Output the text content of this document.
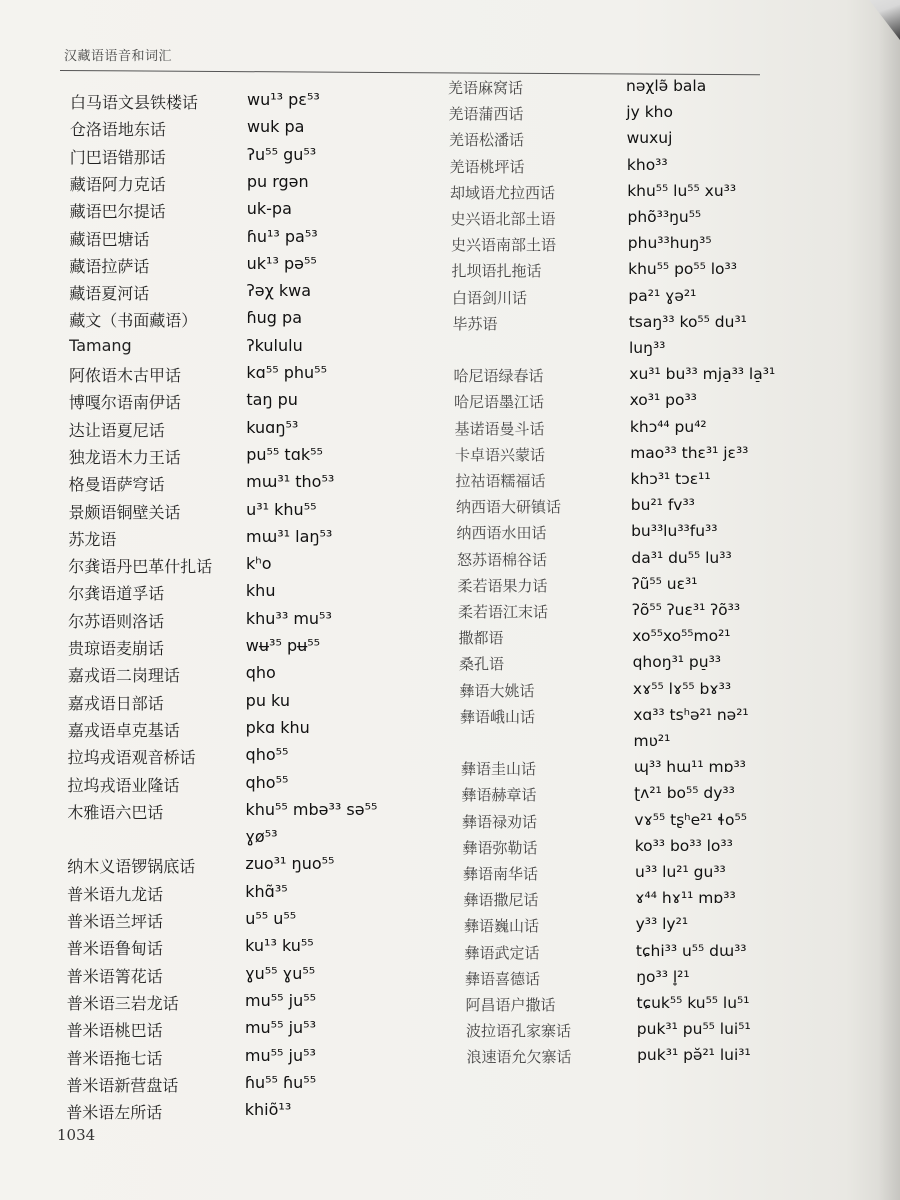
汉藏语语音和词汇
白马语文县铁楼话	wu¹³ pɛ⁵³
仓洛语地东话	wuk pa
门巴语错那话	ʔu⁵⁵ gu⁵³
藏语阿力克话	pu rgən
藏语巴尔提话	uk-pa
藏语巴塘话	ɦu¹³ pa⁵³
藏语拉萨话	uk¹³ pə⁵⁵
藏语夏河话	ʔəχ kwa
藏文（书面藏语）	ɦug pa
Tamang	ʔkululu
阿侬语木古甲话	kɑ⁵⁵ phu⁵⁵
博嘎尔语南伊话	taŋ pu
达让语夏尼话	kuɑŋ⁵³
独龙语木力王话	pu⁵⁵ tɑk⁵⁵
格曼语萨穹话	mɯ³¹ tho⁵³
景颇语铜壁关话	u³¹ khu⁵⁵
苏龙语	mɯ³¹ laŋ⁵³
尔龚语丹巴革什扎话 kʰo
尔龚语道孚话	khu
尔苏语则洛话	khu³³ mu⁵³
贵琼语麦崩话	wʉ³⁵ pʉ⁵⁵
嘉戎语二岗理话	qho
嘉戎语日部话	pu ku
嘉戎语卓克基话	pkɑ khu
拉坞戎语观音桥话	qho⁵⁵
拉坞戎语业隆话	qho⁵⁵
木雅语六巴话	khu⁵⁵ mbə³³ sə⁵⁵
ɣø⁵³
纳木义语锣锅底话	zuo³¹ ŋuo⁵⁵
普米语九龙话	khɑ̃³⁵
普米语兰坪话	u⁵⁵ u⁵⁵
普米语鲁甸话	ku¹³ ku⁵⁵
普米语箐花话	ɣu⁵⁵ ɣu⁵⁵
普米语三岩龙话	mu⁵⁵ ju⁵⁵
普米语桃巴话	mu⁵⁵ ju⁵³
普米语拖七话	mu⁵⁵ ju⁵³
普米语新营盘话	ɦu⁵⁵ ɦu⁵⁵
普米语左所话	khiõ¹³
羌语麻窝话	nəχlə̃ bala
羌语蒲西话	jy kho
羌语松潘话	wuxuj
羌语桃坪话	kho³³
却域语尤拉西话	khu⁵⁵ lu⁵⁵ xu³³
史兴语北部土语	phõ³³ŋu⁵⁵
史兴语南部土语	phu³³huŋ³⁵
扎坝语扎拖话	khu⁵⁵ po⁵⁵ lo³³
白语剑川话	pa²¹ ɣə²¹
毕苏语	tsaŋ³³ ko⁵⁵ du³¹
luŋ³³
哈尼语绿春话	xu³¹ bu³³ mja̠³³ la̠³¹
哈尼语墨江话	xo³¹ po³³
基诺语曼斗话	khɔ⁴⁴ pu⁴²
卡卓语兴蒙话	mao³³ thɛ³¹ jɛ³³
拉祜语糯福话	khɔ³¹ tɔɛ¹¹
纳西语大研镇话	bu²¹ fv³³
纳西语水田话	bu³³lu³³fu³³
怒苏语棉谷话	da³¹ du⁵⁵ lu³³
柔若语果力话	ʔũ⁵⁵ uɛ³¹
柔若语江末话	ʔõ⁵⁵ ʔuɛ³¹ ʔõ³³
撒都语	xo⁵⁵xo⁵⁵mo²¹
桑孔语	qhoŋ³¹ pu̠³³
彝语大姚话	xɤ⁵⁵ lɤ⁵⁵ bɤ³³
彝语峨山话	xɑ³³ tsʰə²¹ nə²¹
mʋ²¹
彝语圭山话	ɰ³³ hɯ¹¹ mɒ³³
彝语赫章话	ʈʌ²¹ bo⁵⁵ dy³³
彝语禄劝话	vɤ⁵⁵ tʂʰe²¹ ɬo⁵⁵
彝语弥勒话	ko³³ bo³³ lo³³
彝语南华话	u³³ lu²¹ gu³³
彝语撒尼话	ɤ⁴⁴ hɤ¹¹ mɒ³³
彝语巍山话	y³³ ly²¹
彝语武定话	tɕhi³³ u⁵⁵ dɯ³³
彝语喜德话	ŋo³³ l̥²¹
阿昌语户撒话	tɕuk⁵⁵ ku⁵⁵ lu⁵¹
波拉语孔家寨话	puk³¹ pu⁵⁵ lui⁵¹
浪速语允欠寨话	puk³¹ pə̆²¹ lui³¹
1034
